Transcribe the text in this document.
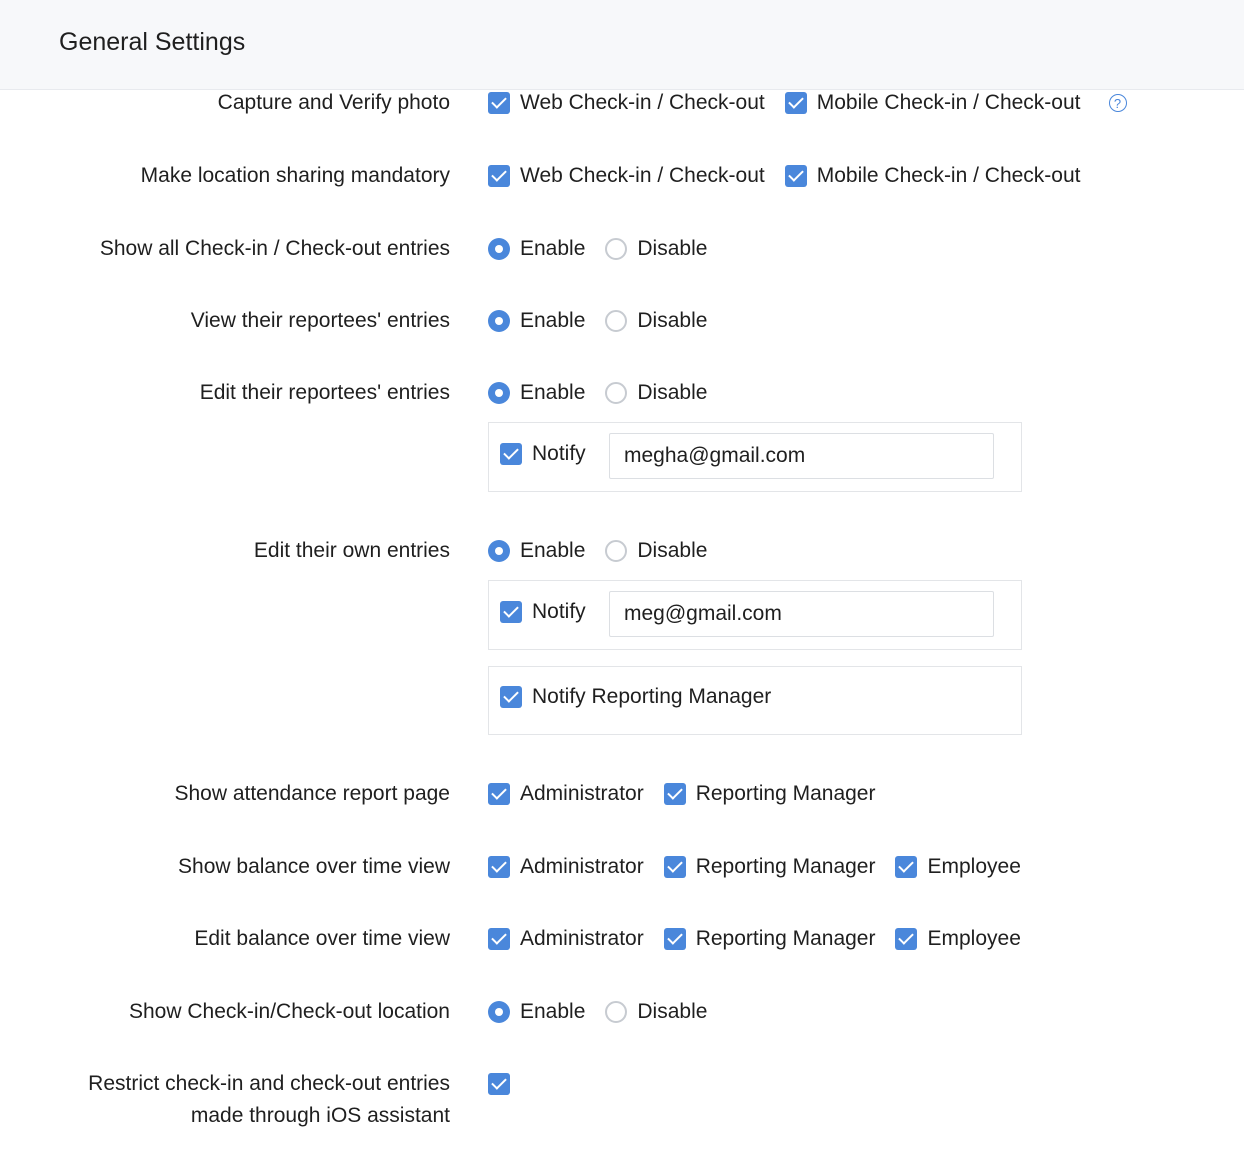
General Settings
Capture and Verify photo	Web Check-in / Check-out Mobile Check-in / Check-out	?
Make location sharing mandatory	Web Check-in / Check-out Mobile Check-in / Check-out
Show all Check-in / Check-out entries	Enable Disable
View their reportees' entries	Enable Disable
Edit their reportees' entries	Enable Disable
Notify
megha@gmail.com
Edit their own entries	Enable Disable
Notify
meg@gmail.com
Notify Reporting Manager
Show attendance report page	Administrator Reporting Manager
Show balance over time view	Administrator Reporting Manager Employee
Edit balance over time view	Administrator Reporting Manager Employee
Show Check-in/Check-out location	Enable Disable
Restrict check-in and check-out entries
made through iOS assistant
